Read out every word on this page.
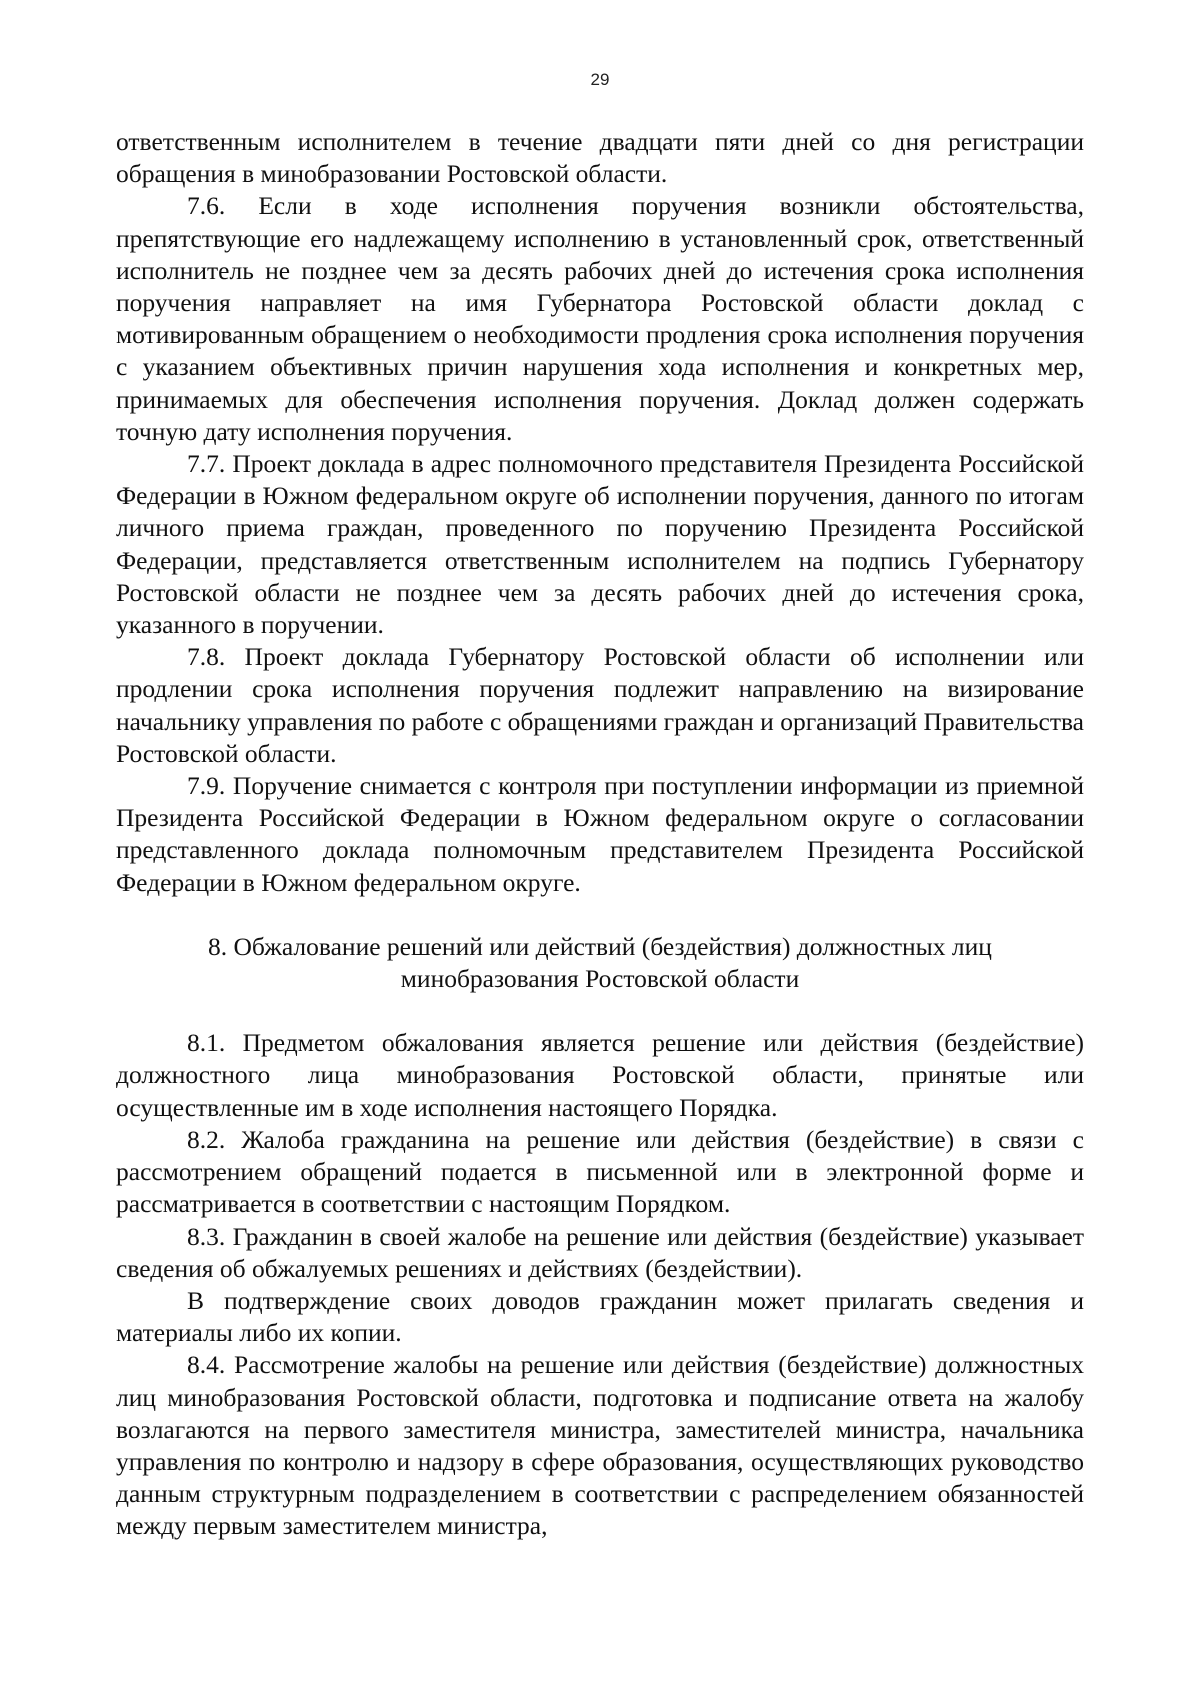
29

ответственным исполнителем в течение двадцати пяти дней со дня регистрации обращения в минобразовании Ростовской области.

7.6. Если в ходе исполнения поручения возникли обстоятельства, препятствующие его надлежащему исполнению в установленный срок, ответственный исполнитель не позднее чем за десять рабочих дней до истечения срока исполнения поручения направляет на имя Губернатора Ростовской области доклад с мотивированным обращением о необходимости продления срока исполнения поручения с указанием объективных причин нарушения хода исполнения и конкретных мер, принимаемых для обеспечения исполнения поручения. Доклад должен содержать точную дату исполнения поручения.

7.7. Проект доклада в адрес полномочного представителя Президента Российской Федерации в Южном федеральном округе об исполнении поручения, данного по итогам личного приема граждан, проведенного по поручению Президента Российской Федерации, представляется ответственным исполнителем на подпись Губернатору Ростовской области не позднее чем за десять рабочих дней до истечения срока, указанного в поручении.

7.8. Проект доклада Губернатору Ростовской области об исполнении или продлении срока исполнения поручения подлежит направлению на визирование начальнику управления по работе с обращениями граждан и организаций Правительства Ростовской области.

7.9. Поручение снимается с контроля при поступлении информации из приемной Президента Российской Федерации в Южном федеральном округе о согласовании представленного доклада полномочным представителем Президента Российской Федерации в Южном федеральном округе.

8. Обжалование решений или действий (бездействия) должностных лиц
минобразования Ростовской области

8.1. Предметом обжалования является решение или действия (бездействие) должностного лица минобразования Ростовской области, принятые или осуществленные им в ходе исполнения настоящего Порядка.

8.2. Жалоба гражданина на решение или действия (бездействие) в связи с рассмотрением обращений подается в письменной или в электронной форме и рассматривается в соответствии с настоящим Порядком.

8.3. Гражданин в своей жалобе на решение или действия (бездействие) указывает сведения об обжалуемых решениях и действиях (бездействии).

В подтверждение своих доводов гражданин может прилагать сведения и материалы либо их копии.

8.4. Рассмотрение жалобы на решение или действия (бездействие) должностных лиц минобразования Ростовской области, подготовка и подписание ответа на жалобу возлагаются на первого заместителя министра, заместителей министра, начальника управления по контролю и надзору в сфере образования, осуществляющих руководство данным структурным подразделением в соответствии с распределением обязанностей между первым заместителем министра,
